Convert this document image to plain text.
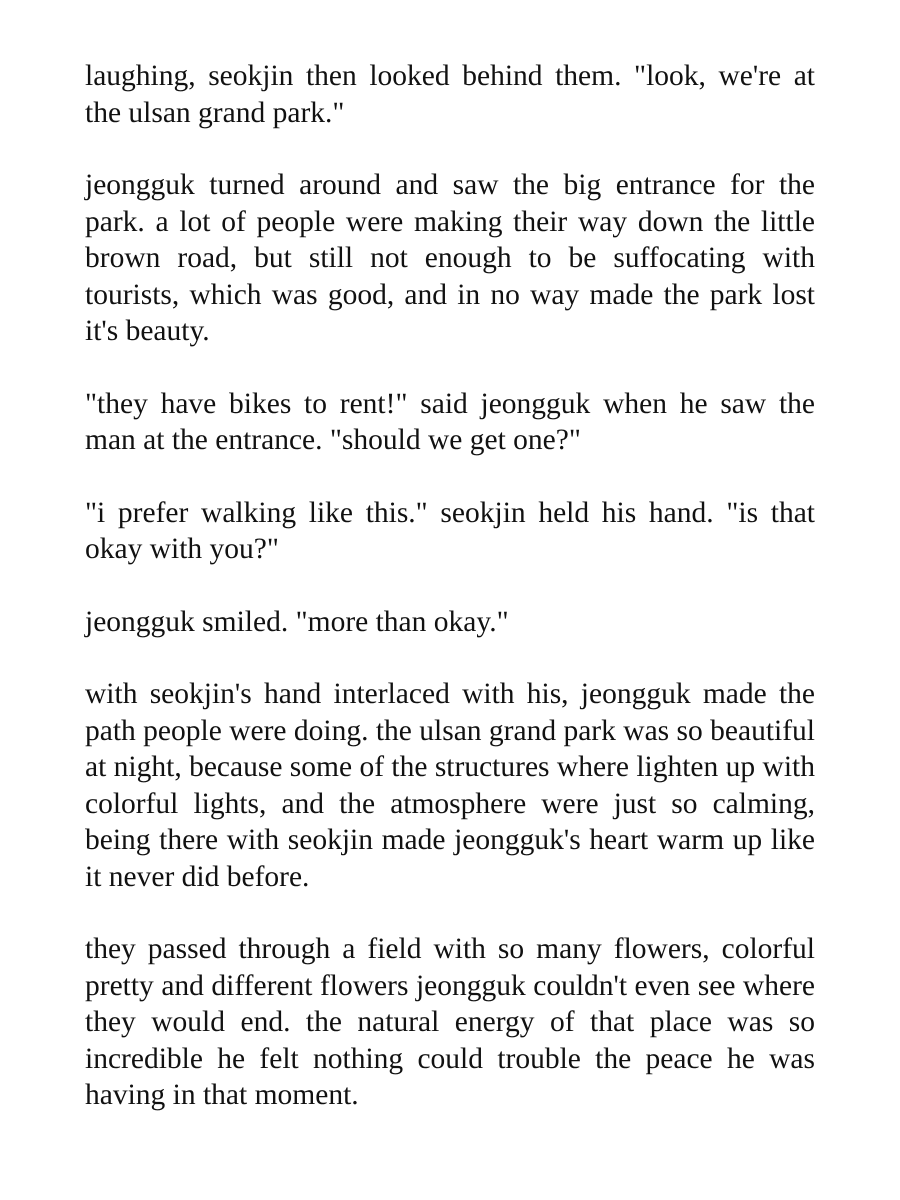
laughing, seokjin then looked behind them. "look, we're at the ulsan grand park."

jeongguk turned around and saw the big entrance for the park. a lot of people were making their way down the little brown road, but still not enough to be suffocating with tourists, which was good, and in no way made the park lost it's beauty.

"they have bikes to rent!" said jeongguk when he saw the man at the entrance. "should we get one?"

"i prefer walking like this." seokjin held his hand. "is that okay with you?"

jeongguk smiled. "more than okay."

with seokjin's hand interlaced with his, jeongguk made the path people were doing. the ulsan grand park was so beautiful at night, because some of the structures where lighten up with colorful lights, and the atmosphere were just so calming, being there with seokjin made jeongguk's heart warm up like it never did before.

they passed through a field with so many flowers, colorful pretty and different flowers jeongguk couldn't even see where they would end. the natural energy of that place was so incredible he felt nothing could trouble the peace he was having in that moment.
